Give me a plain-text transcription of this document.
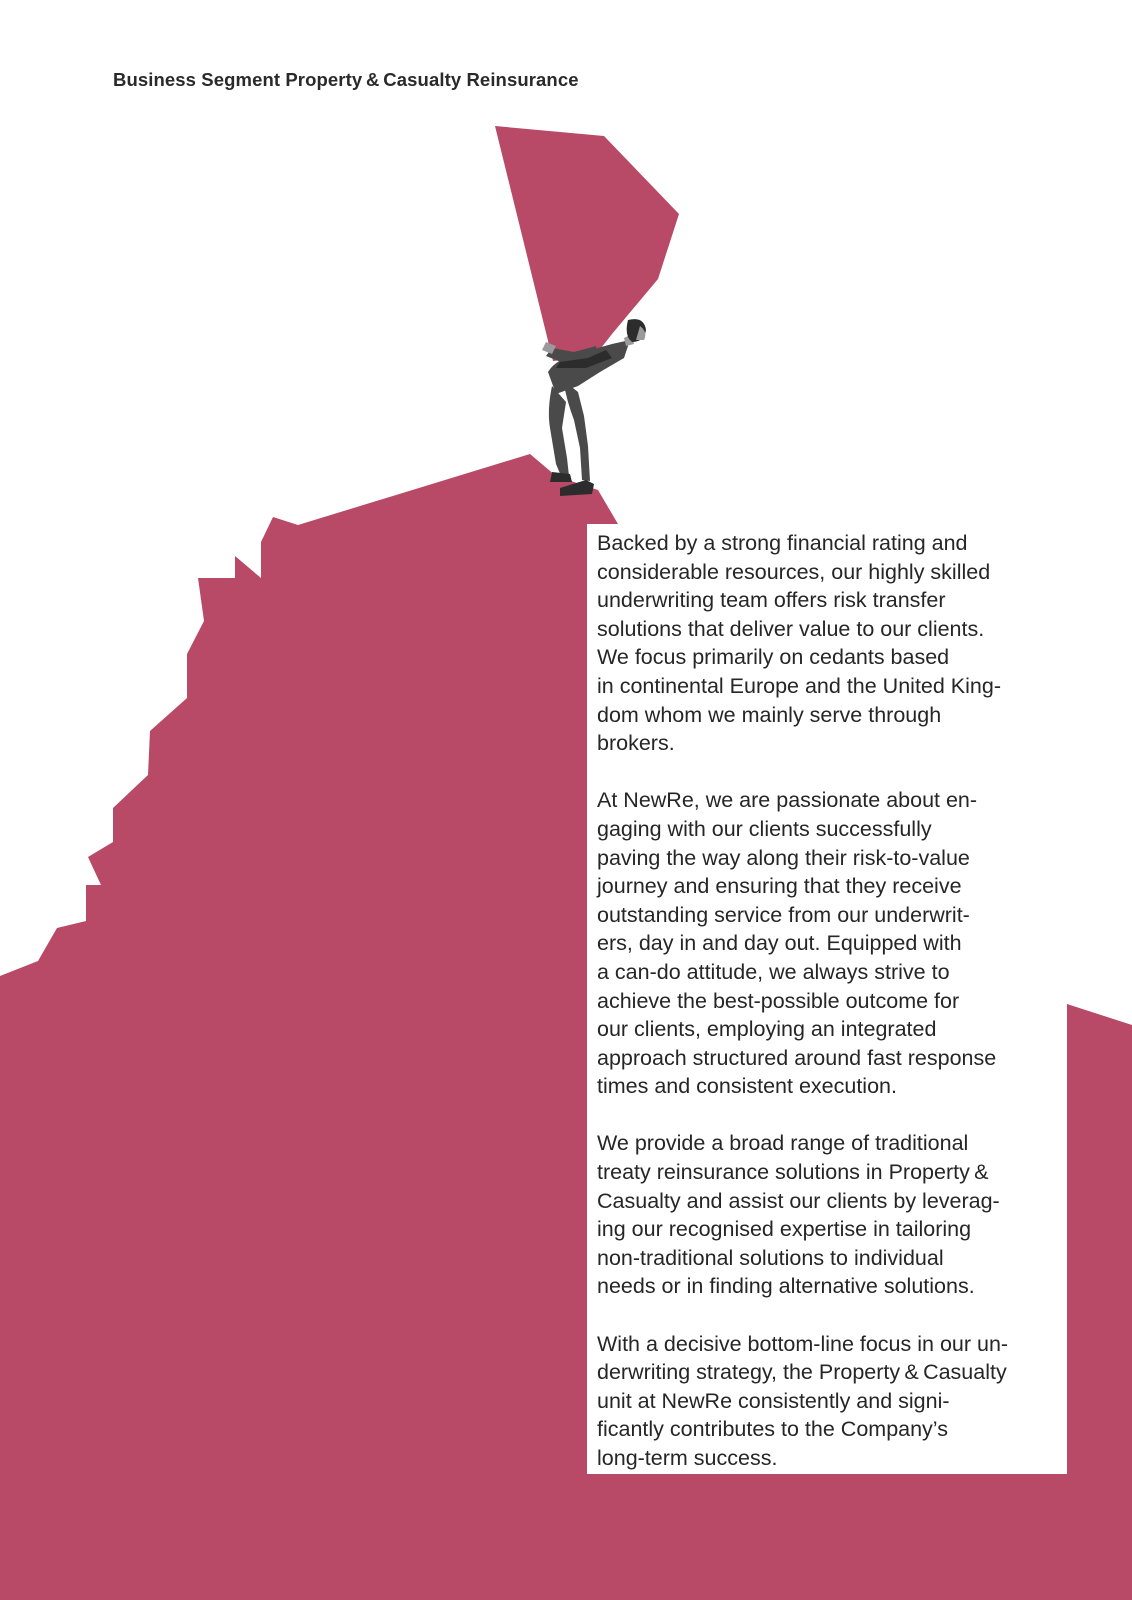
Business Segment Property & Casualty Reinsurance

Backed by a strong financial rating and
considerable resources, our highly skilled
underwriting team offers risk transfer
solutions that deliver value to our clients.
We focus primarily on cedants based
in continental Europe and the United King-
dom whom we mainly serve through
brokers.

At NewRe, we are passionate about en-
gaging with our clients successfully
paving the way along their risk-to-value
journey and ensuring that they receive
outstanding service from our underwrit-
ers, day in and day out. Equipped with
a can-do attitude, we always strive to
achieve the best-possible outcome for
our clients, employing an integrated
approach structured around fast response
times and consistent execution.

We provide a broad range of traditional
treaty reinsurance solutions in Property &
Casualty and assist our clients by leverag-
ing our recognised expertise in tailoring
non-traditional solutions to individual
needs or in finding alternative solutions.

With a decisive bottom-line focus in our un-
derwriting strategy, the Property & Casualty
unit at NewRe consistently and signi-
ficantly contributes to the Company’s
long-term success.
